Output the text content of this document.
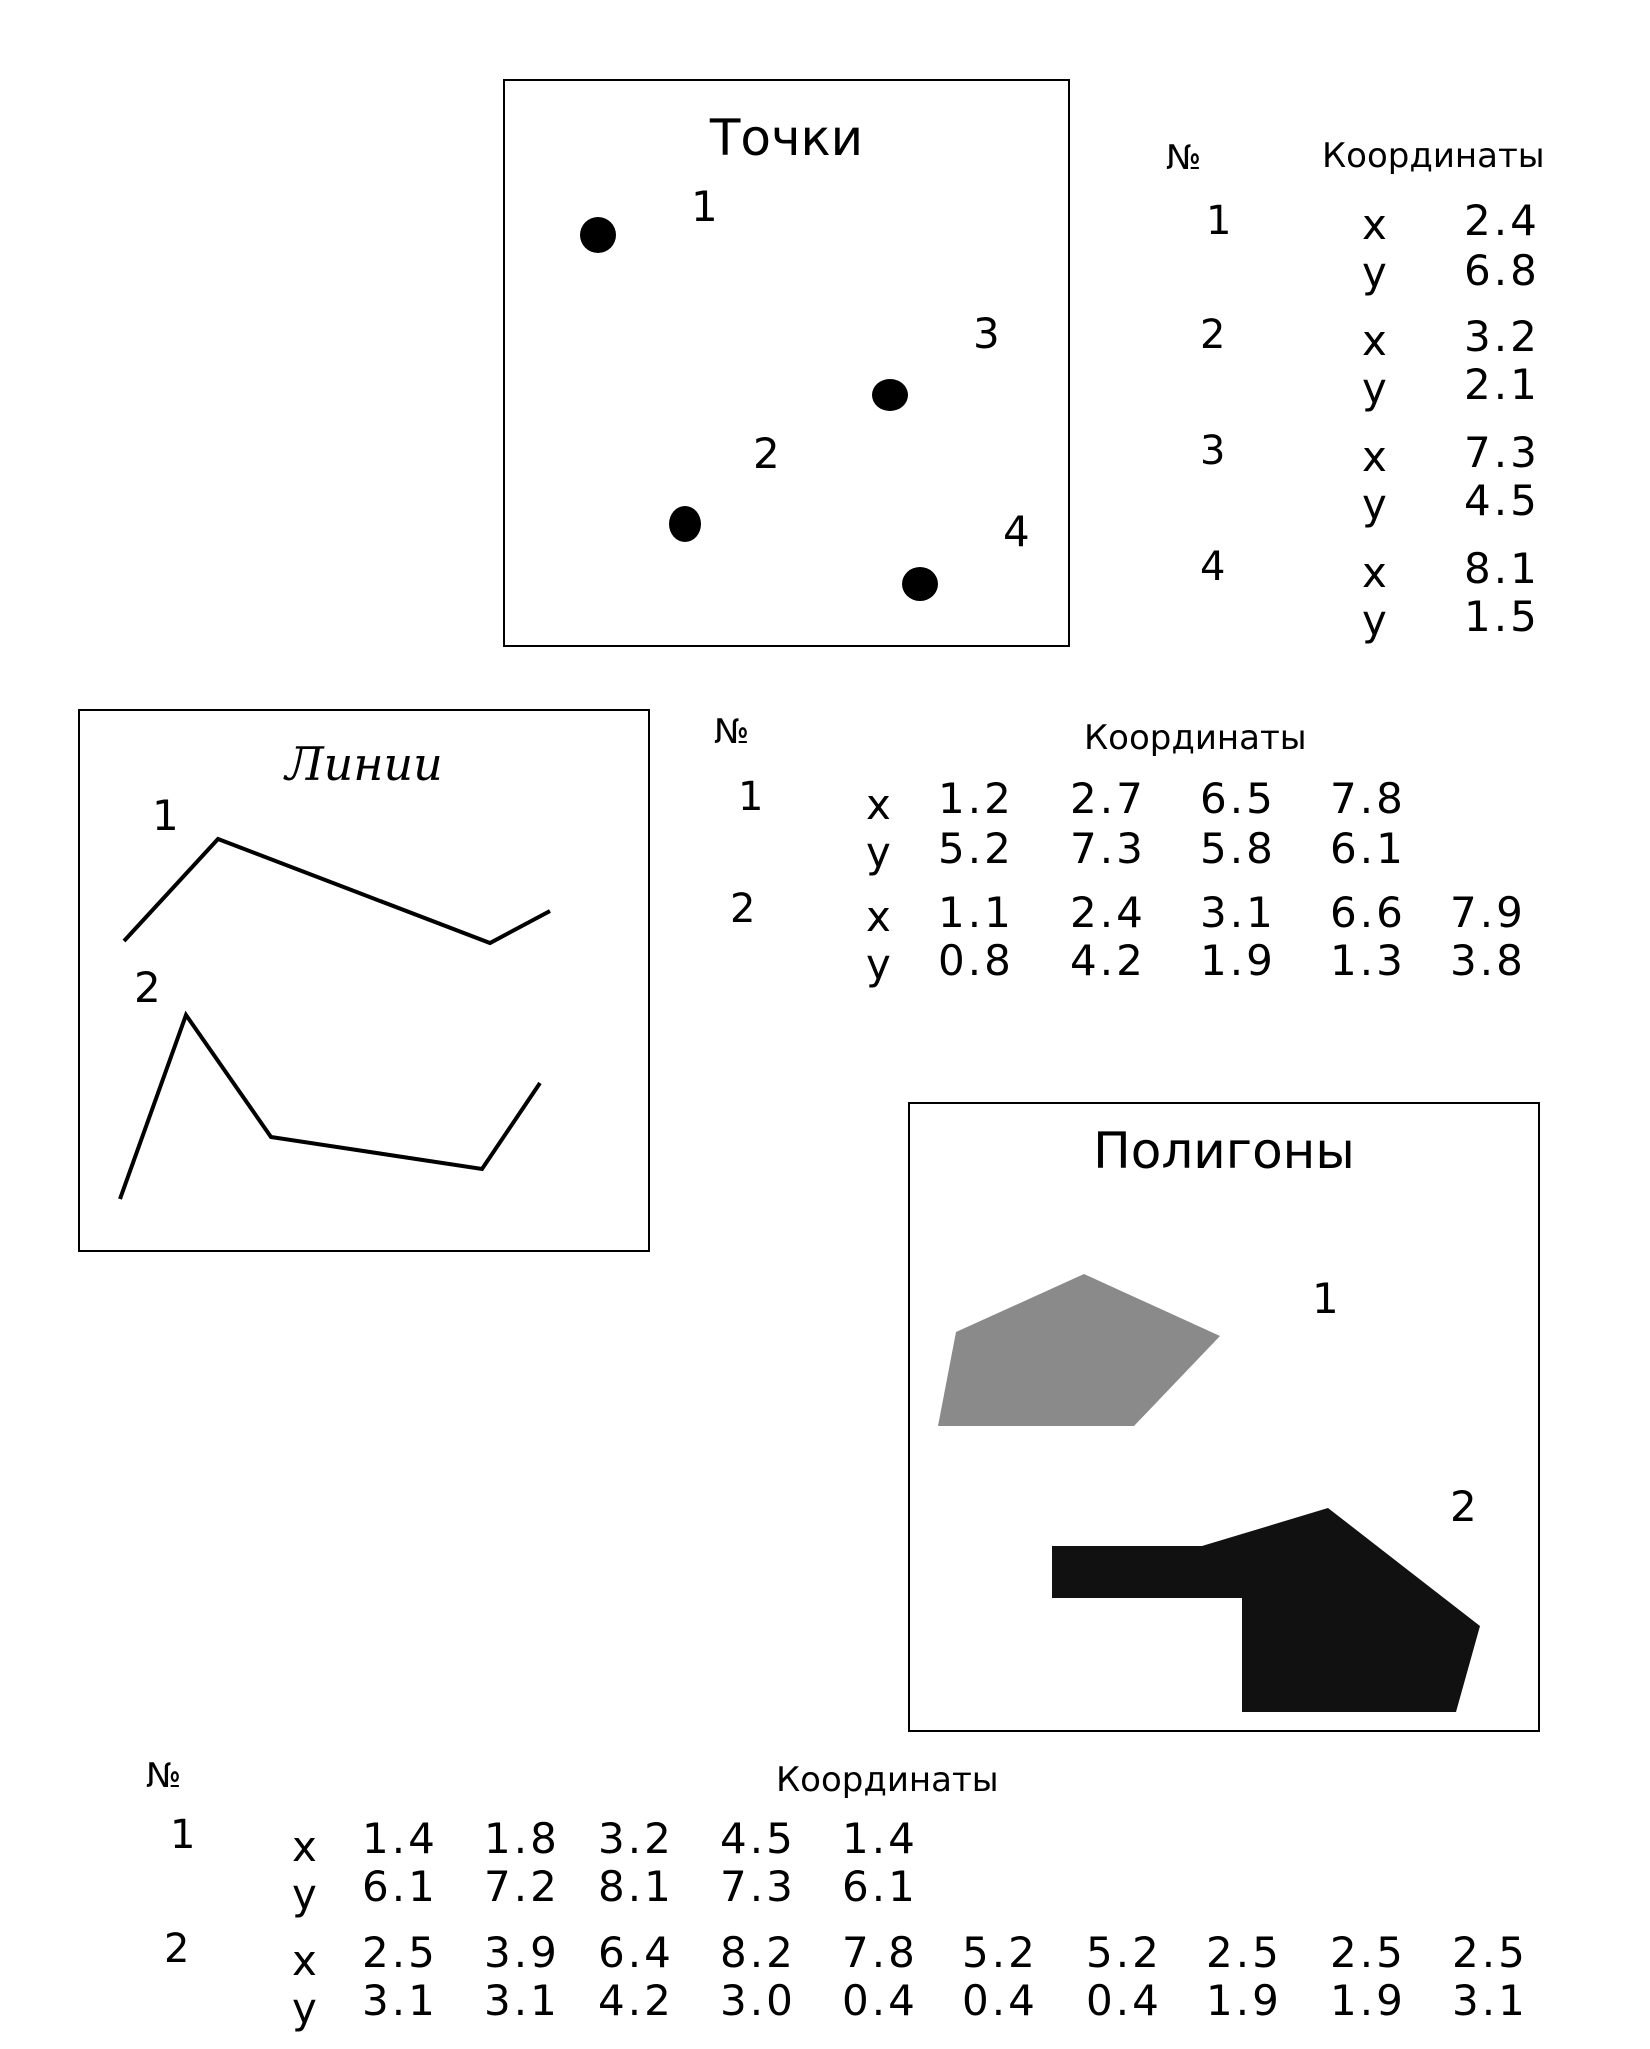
Точки
1
3
2
4
№	Координаты
1	x 2.4
y 6.8
2	x 3.2
y 2.1
3	x 7.3
y 4.5
4	x 8.1
y 1.5
Линии
1
2
№	Координаты
1 x 1.2 2.7 6.5 7.8
y 5.2 7.3 5.8 6.1
2	x 1.1 2.4 3.1 6.6 7.9
y 0.8 4.2 1.9 1.3 3.8
Полигоны
1
2
№	Координаты
1 x 1.4 1.8 3.2 4.5 1.4
y 6.1 7.2 8.1 7.3 6.1
2 x 2.5 3.9 6.4 8.2 7.8 5.2 5.2 2.5 2.5 2.5
y 3.1 3.1 4.2 3.0 0.4 0.4 0.4 1.9 1.9 3.1
